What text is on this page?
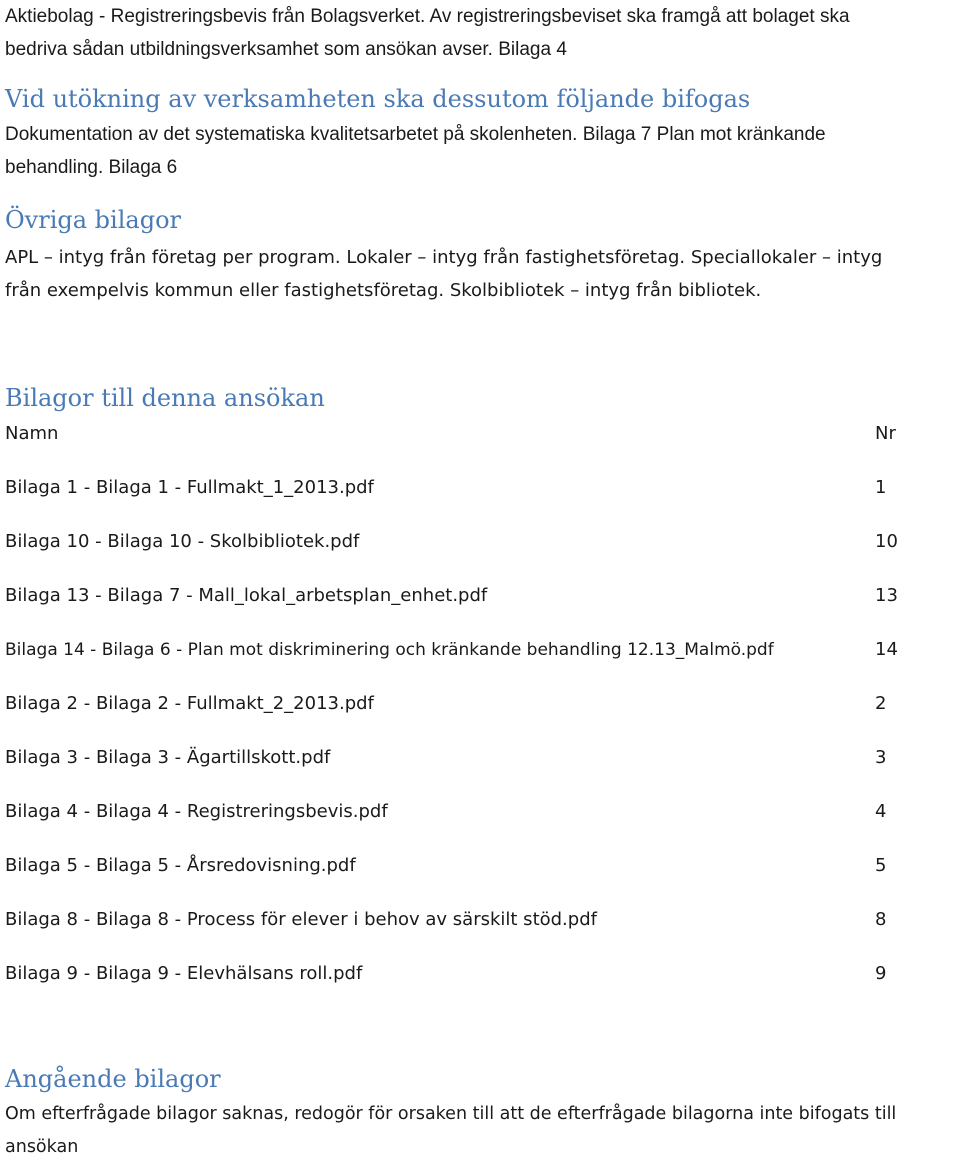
Aktiebolag - Registreringsbevis från Bolagsverket. Av registreringsbeviset ska framgå att bolaget ska
bedriva sådan utbildningsverksamhet som ansökan avser. Bilaga 4

Vid utökning av verksamheten ska dessutom följande bifogas

Dokumentation av det systematiska kvalitetsarbetet på skolenheten. Bilaga 7 Plan mot kränkande
behandling. Bilaga 6

Övriga bilagor

APL – intyg från företag per program. Lokaler – intyg från fastighetsföretag. Speciallokaler – intyg
från exempelvis kommun eller fastighetsföretag. Skolbibliotek – intyg från bibliotek.

Bilagor till denna ansökan
Namn	Nr
Bilaga 1 - Bilaga 1 - Fullmakt_1_2013.pdf	1
Bilaga 10 - Bilaga 10 - Skolbibliotek.pdf	10
Bilaga 13 - Bilaga 7 - Mall_lokal_arbetsplan_enhet.pdf	13
Bilaga 14 - Bilaga 6 - Plan mot diskriminering och kränkande behandling 12.13_Malmö.pdf	14
Bilaga 2 - Bilaga 2 - Fullmakt_2_2013.pdf	2
Bilaga 3 - Bilaga 3 - Ägartillskott.pdf	3
Bilaga 4 - Bilaga 4 - Registreringsbevis.pdf	4
Bilaga 5 - Bilaga 5 - Årsredovisning.pdf	5
Bilaga 8 - Bilaga 8 - Process för elever i behov av särskilt stöd.pdf	8
Bilaga 9 - Bilaga 9 - Elevhälsans roll.pdf	9
Angående bilagor

Om efterfrågade bilagor saknas, redogör för orsaken till att de efterfrågade bilagorna inte bifogats till
ansökan
